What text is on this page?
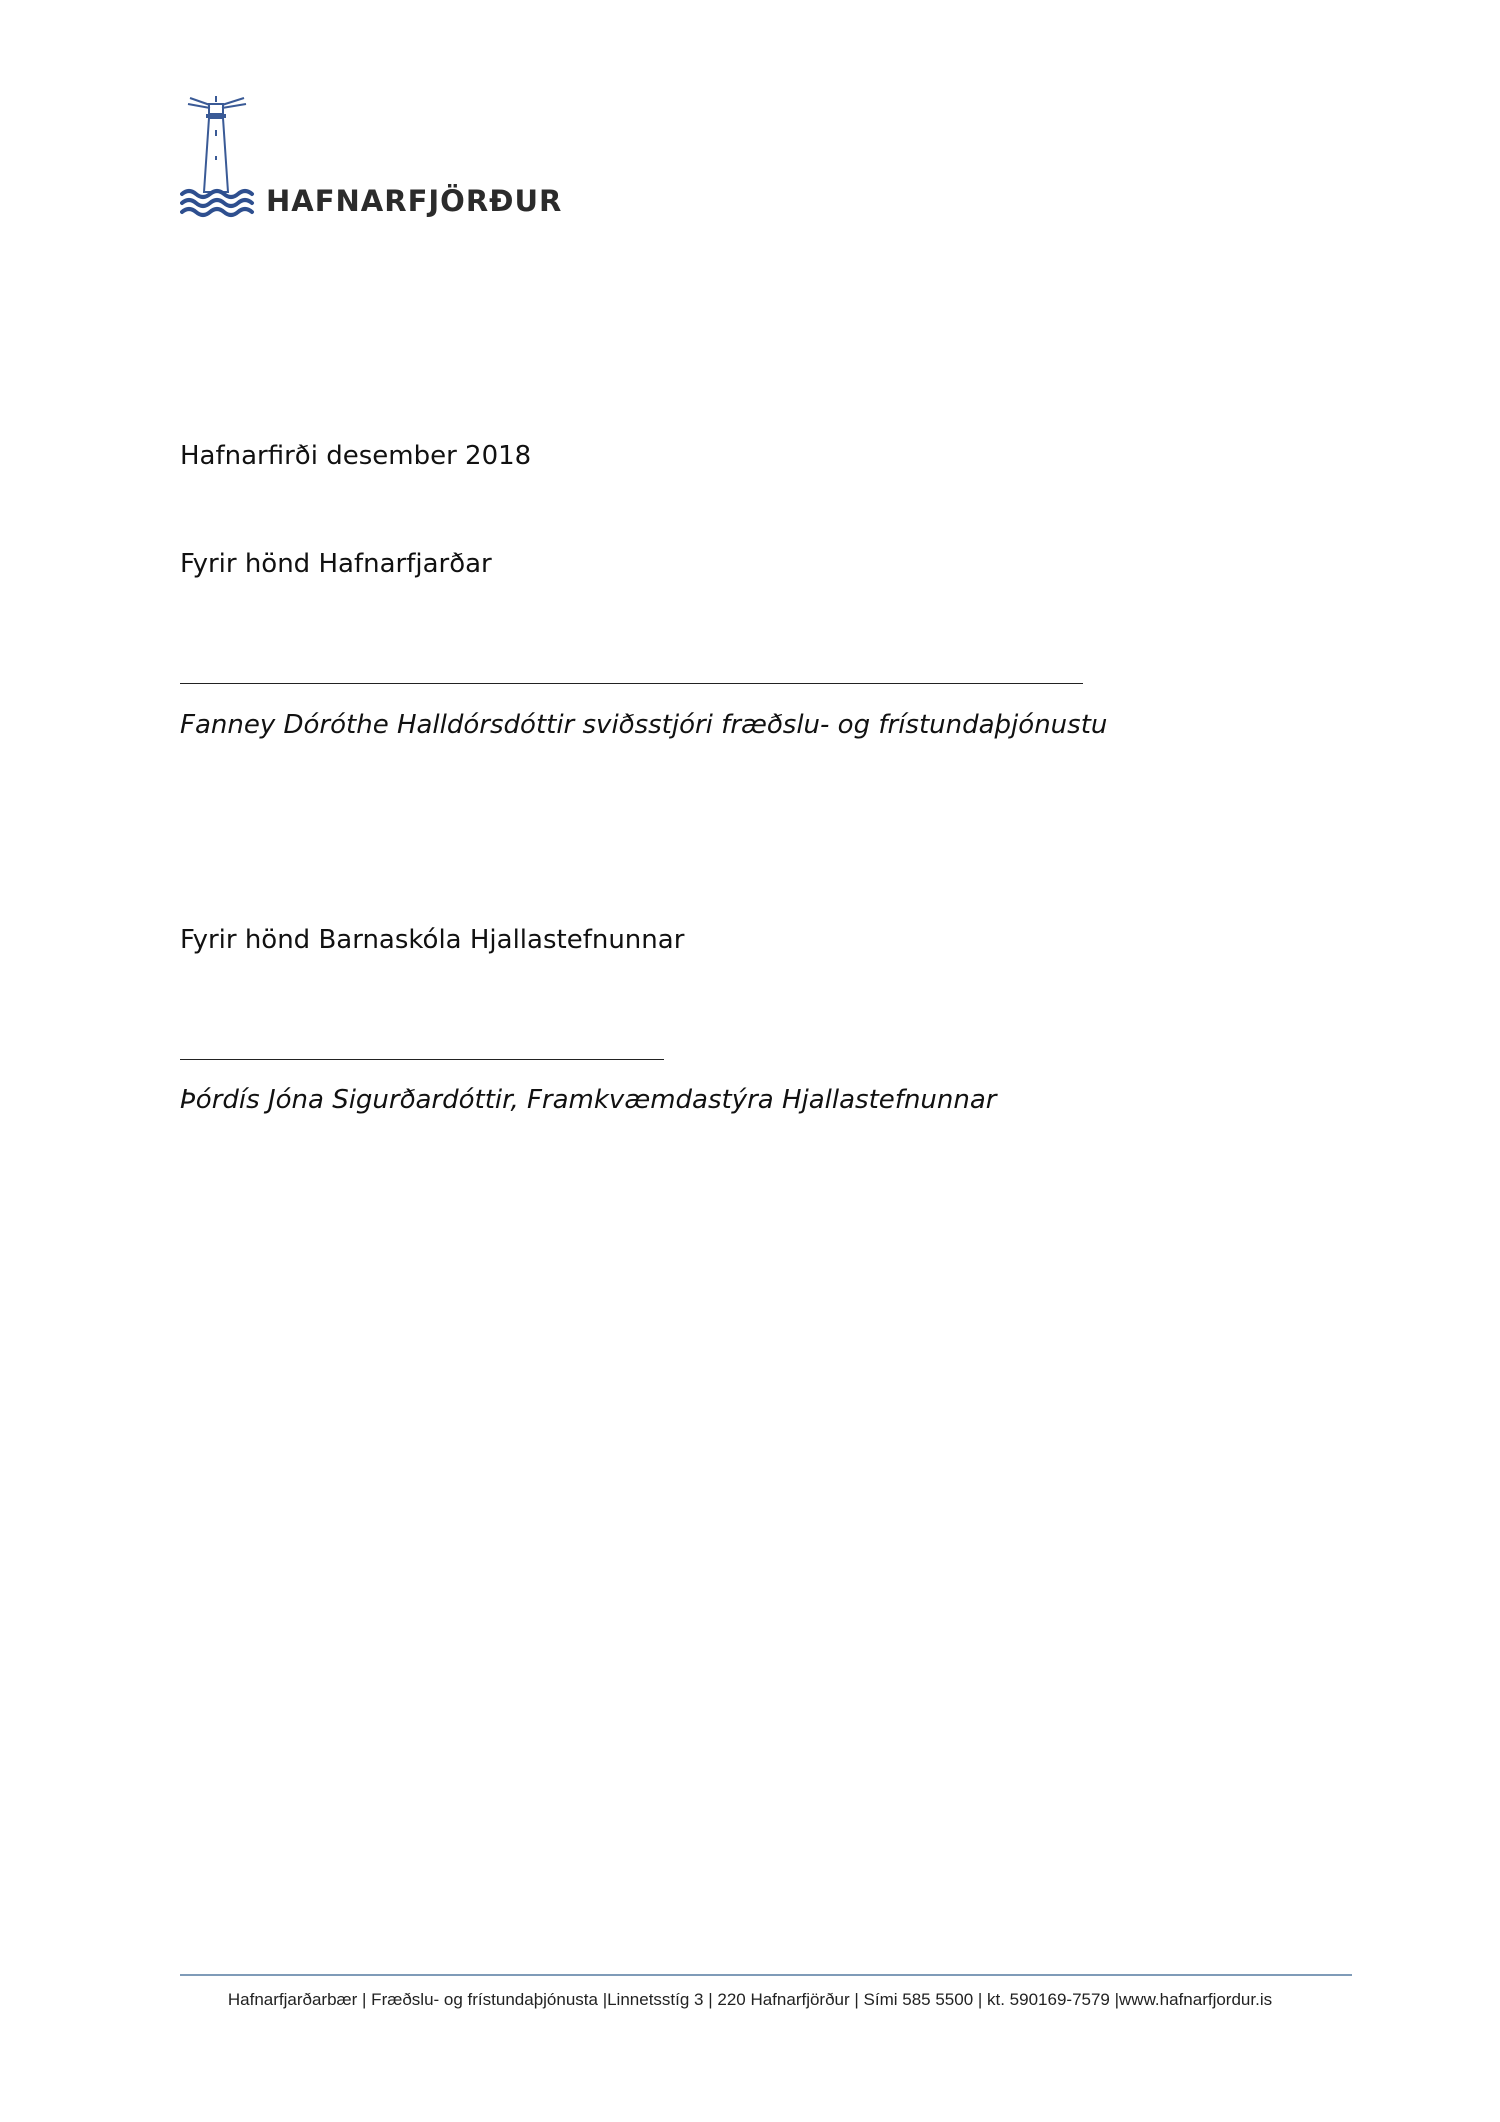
HAFNARFJÖRÐUR
Hafnarfirði desember 2018
Fyrir hönd Hafnarfjarðar
Fanney Dóróthe Halldórsdóttir sviðsstjóri fræðslu- og frístundaþjónustu
Fyrir hönd Barnaskóla Hjallastefnunnar
Þórdís Jóna Sigurðardóttir, Framkvæmdastýra Hjallastefnunnar
Hafnarfjarðarbær | Fræðslu- og frístundaþjónusta |Linnetsstíg 3 | 220 Hafnarfjörður | Sími 585 5500 | kt. 590169-7579 |www.hafnarfjordur.is
